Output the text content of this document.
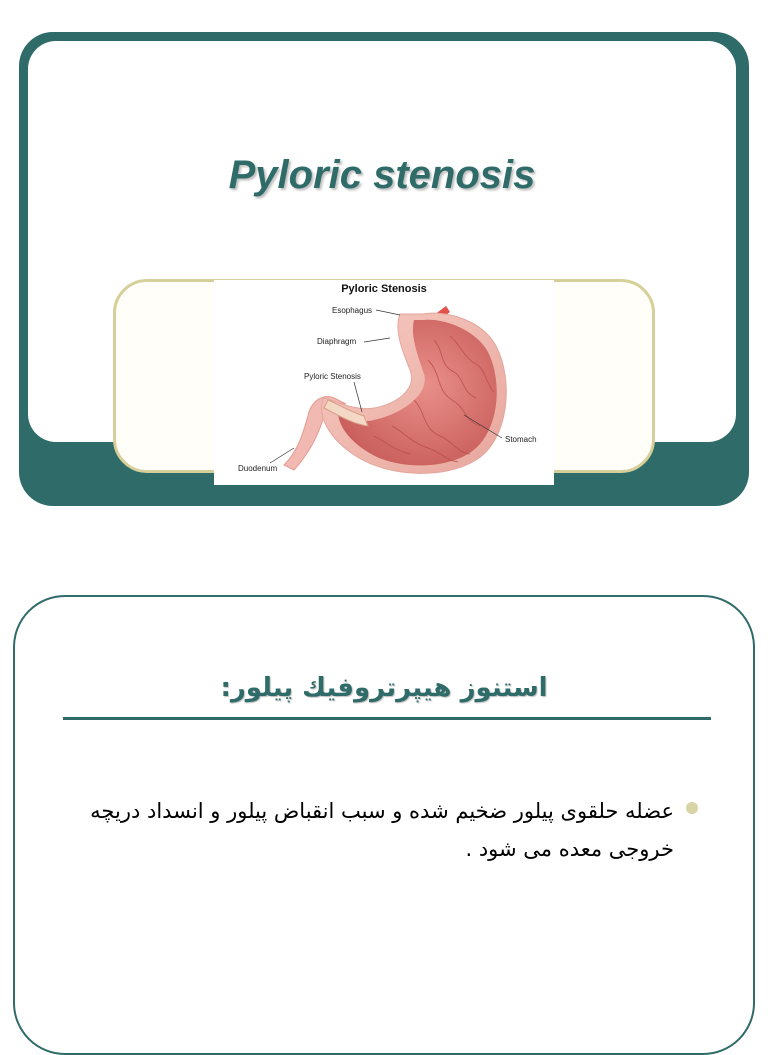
Pyloric stenosis
Pyloric Stenosis
Esophagus
Diaphragm
Pyloric Stenosis
Stomach
Duodenum
استنوز هيپرتروفيك پيلور:

عضله حلقوی پیلور ضخیم شده و سبب انقباض پیلور و انسداد دریچه خروجی معده می شود .
